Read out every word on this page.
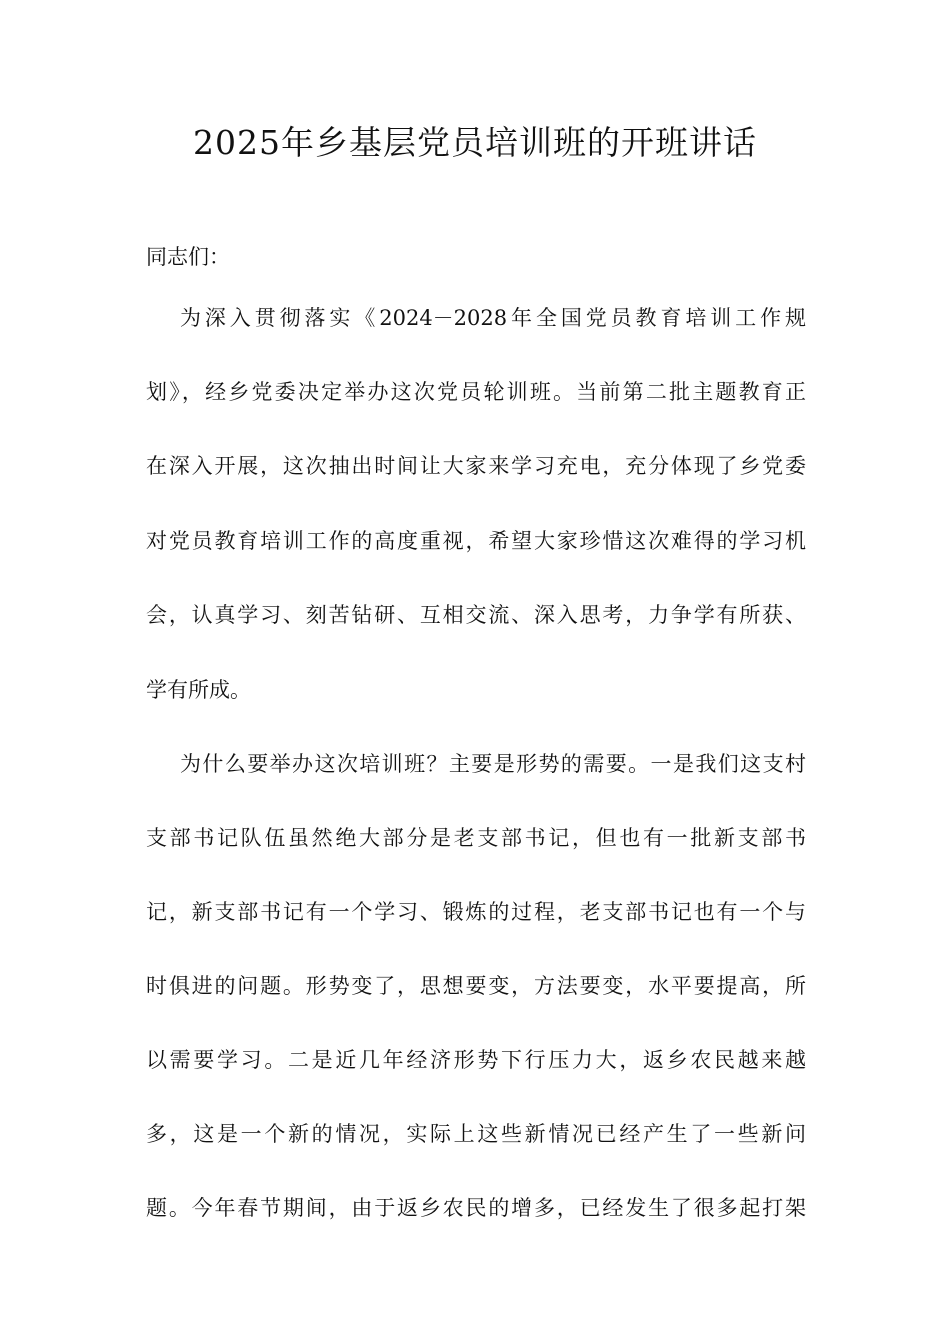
2025年乡基层党员培训班的开班讲话
同志们：
为深入贯彻落实《2024－2028年全国党员教育培训工作规
划》，经乡党委决定举办这次党员轮训班。当前第二批主题教育正
在深入开展，这次抽出时间让大家来学习充电，充分体现了乡党委
对党员教育培训工作的高度重视，希望大家珍惜这次难得的学习机
会，认真学习、刻苦钻研、互相交流、深入思考，力争学有所获、
学有所成。
为什么要举办这次培训班？主要是形势的需要。一是我们这支村
支部书记队伍虽然绝大部分是老支部书记，但也有一批新支部书
记，新支部书记有一个学习、锻炼的过程，老支部书记也有一个与
时俱进的问题。形势变了，思想要变，方法要变，水平要提高，所
以需要学习。二是近几年经济形势下行压力大，返乡农民越来越
多，这是一个新的情况，实际上这些新情况已经产生了一些新问
题。今年春节期间，由于返乡农民的增多，已经发生了很多起打架
